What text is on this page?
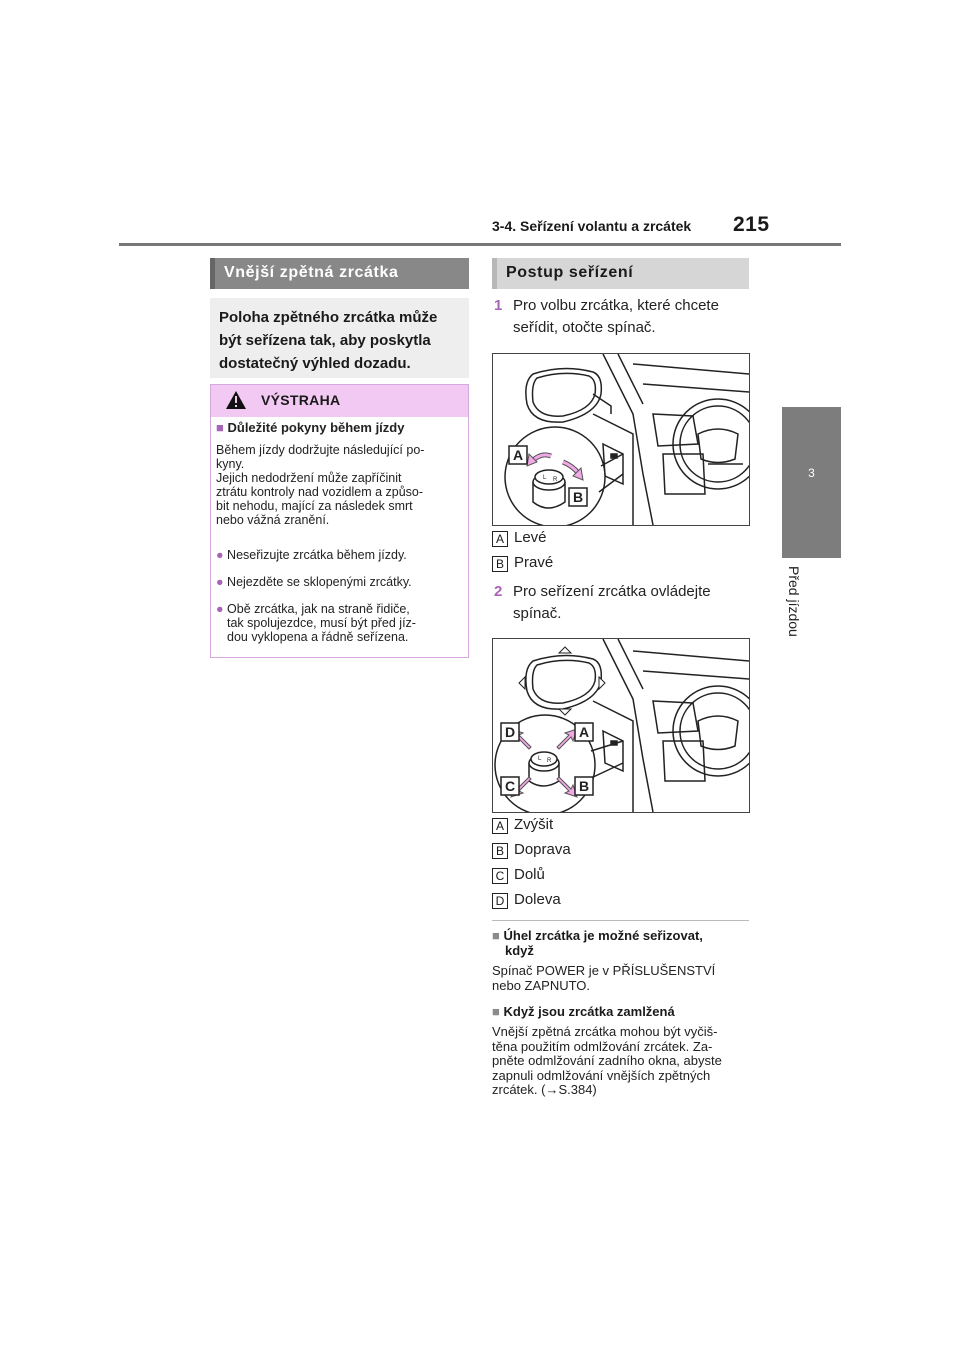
3-4. Seřízení volantu a zrcátek 215
3
Před jízdou
Vnější zpětná zrcátka

Poloha zpětného zrcátka může
být seřízena tak, aby poskytla
dostatečný výhled dozadu.

VÝSTRAHA
■ Důležité pokyny během jízdy
Během jízdy dodržujte následující po-
kyny.
Jejich nedodržení může zapříčinit
ztrátu kontroly nad vozidlem a způso-
bit nehodu, mající za následek smrt
nebo vážná zranění.
● Neseřizujte zrcátka během jízdy.
● Nejezděte se sklopenými zrcátky.
● Obě zrcátka, jak na straně řidiče,
tak spolujezdce, musí být před jíz-
dou vyklopena a řádně seřízena.
Postup seřízení
1 Pro volbu zrcátka, které chcete
seřídit, otočte spínač.
L R
A
B
A Levé
B Pravé
2 Pro seřízení zrcátka ovládejte
spínač.
L R
D	A
C	B
A Zvýšit
B Doprava
C Dolů
D Doleva
■ Úhel zrcátka je možné seřizovat,
když
Spínač POWER je v PŘÍSLUŠENSTVÍ
nebo ZAPNUTO.
■ Když jsou zrcátka zamlžená
Vnější zpětná zrcátka mohou být vyčiš-
těna použitím odmlžování zrcátek. Za-
pněte odmlžování zadního okna, abyste
zapnuli odmlžování vnějších zpětných
zrcátek. (→S.384)
